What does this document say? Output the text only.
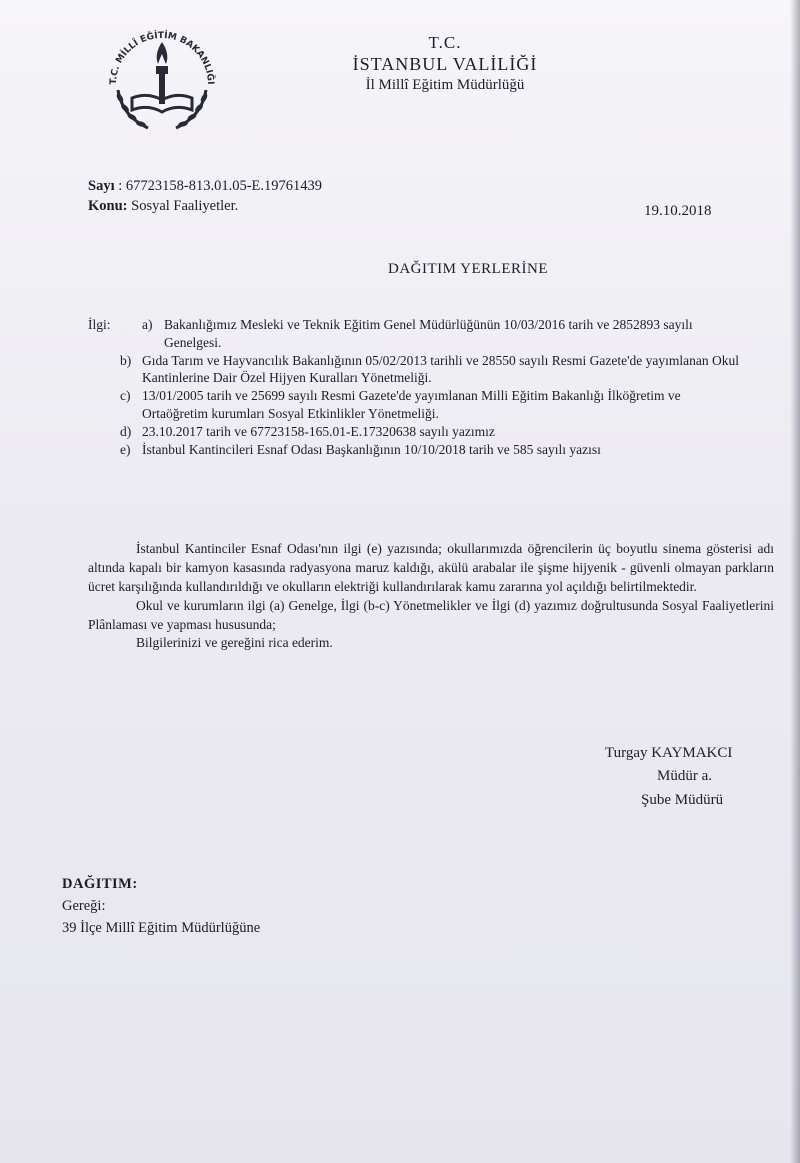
T.C. MİLLÎ EĞİTİM BAKANLIĞI
T.C.
İSTANBUL VALİLİĞİ
İl Millî Eğitim Müdürlüğü
Sayı : 67723158-813.01.05-E.19761439
Konu: Sosyal Faaliyetler.	19.10.2018
DAĞITIM YERLERİNE
İlgi:	a) Bakanlığımız Mesleki ve Teknik Eğitim Genel Müdürlüğünün 10/03/2016 tarih ve 2852893 sayılı Genelgesi.
b) Gıda Tarım ve Hayvancılık Bakanlığının 05/02/2013 tarihli ve 28550 sayılı Resmi Gazete'de yayımlanan Okul Kantinlerine Dair Özel Hijyen Kuralları Yönetmeliği.
c) 13/01/2005 tarih ve 25699 sayılı Resmi Gazete'de yayımlanan Milli Eğitim Bakanlığı İlköğretim ve Ortaöğretim kurumları Sosyal Etkinlikler Yönetmeliği.
d) 23.10.2017 tarih ve 67723158-165.01-E.17320638 sayılı yazımız
e) İstanbul Kantincileri Esnaf Odası Başkanlığının 10/10/2018 tarih ve 585 sayılı yazısı

İstanbul Kantinciler Esnaf Odası'nın ilgi (e) yazısında; okullarımızda öğrencilerin üç boyutlu sinema gösterisi adı altında kapalı bir kamyon kasasında radyasyona maruz kaldığı, akülü arabalar ile şişme hijyenik - güvenli olmayan parkların ücret karşılığında kullandırıldığı ve okulların elektriği kullandırılarak kamu zararına yol açıldığı belirtilmektedir.

Okul ve kurumların ilgi (a) Genelge, İlgi (b-c) Yönetmelikler ve İlgi (d) yazımız doğrultusunda Sosyal Faaliyetlerini Plânlaması ve yapması hususunda;

Bilgilerinizi ve gereğini rica ederim.

Turgay KAYMAKCI
Müdür a.
Şube Müdürü
DAĞITIM:
Gereği:
39 İlçe Millî Eğitim Müdürlüğüne
